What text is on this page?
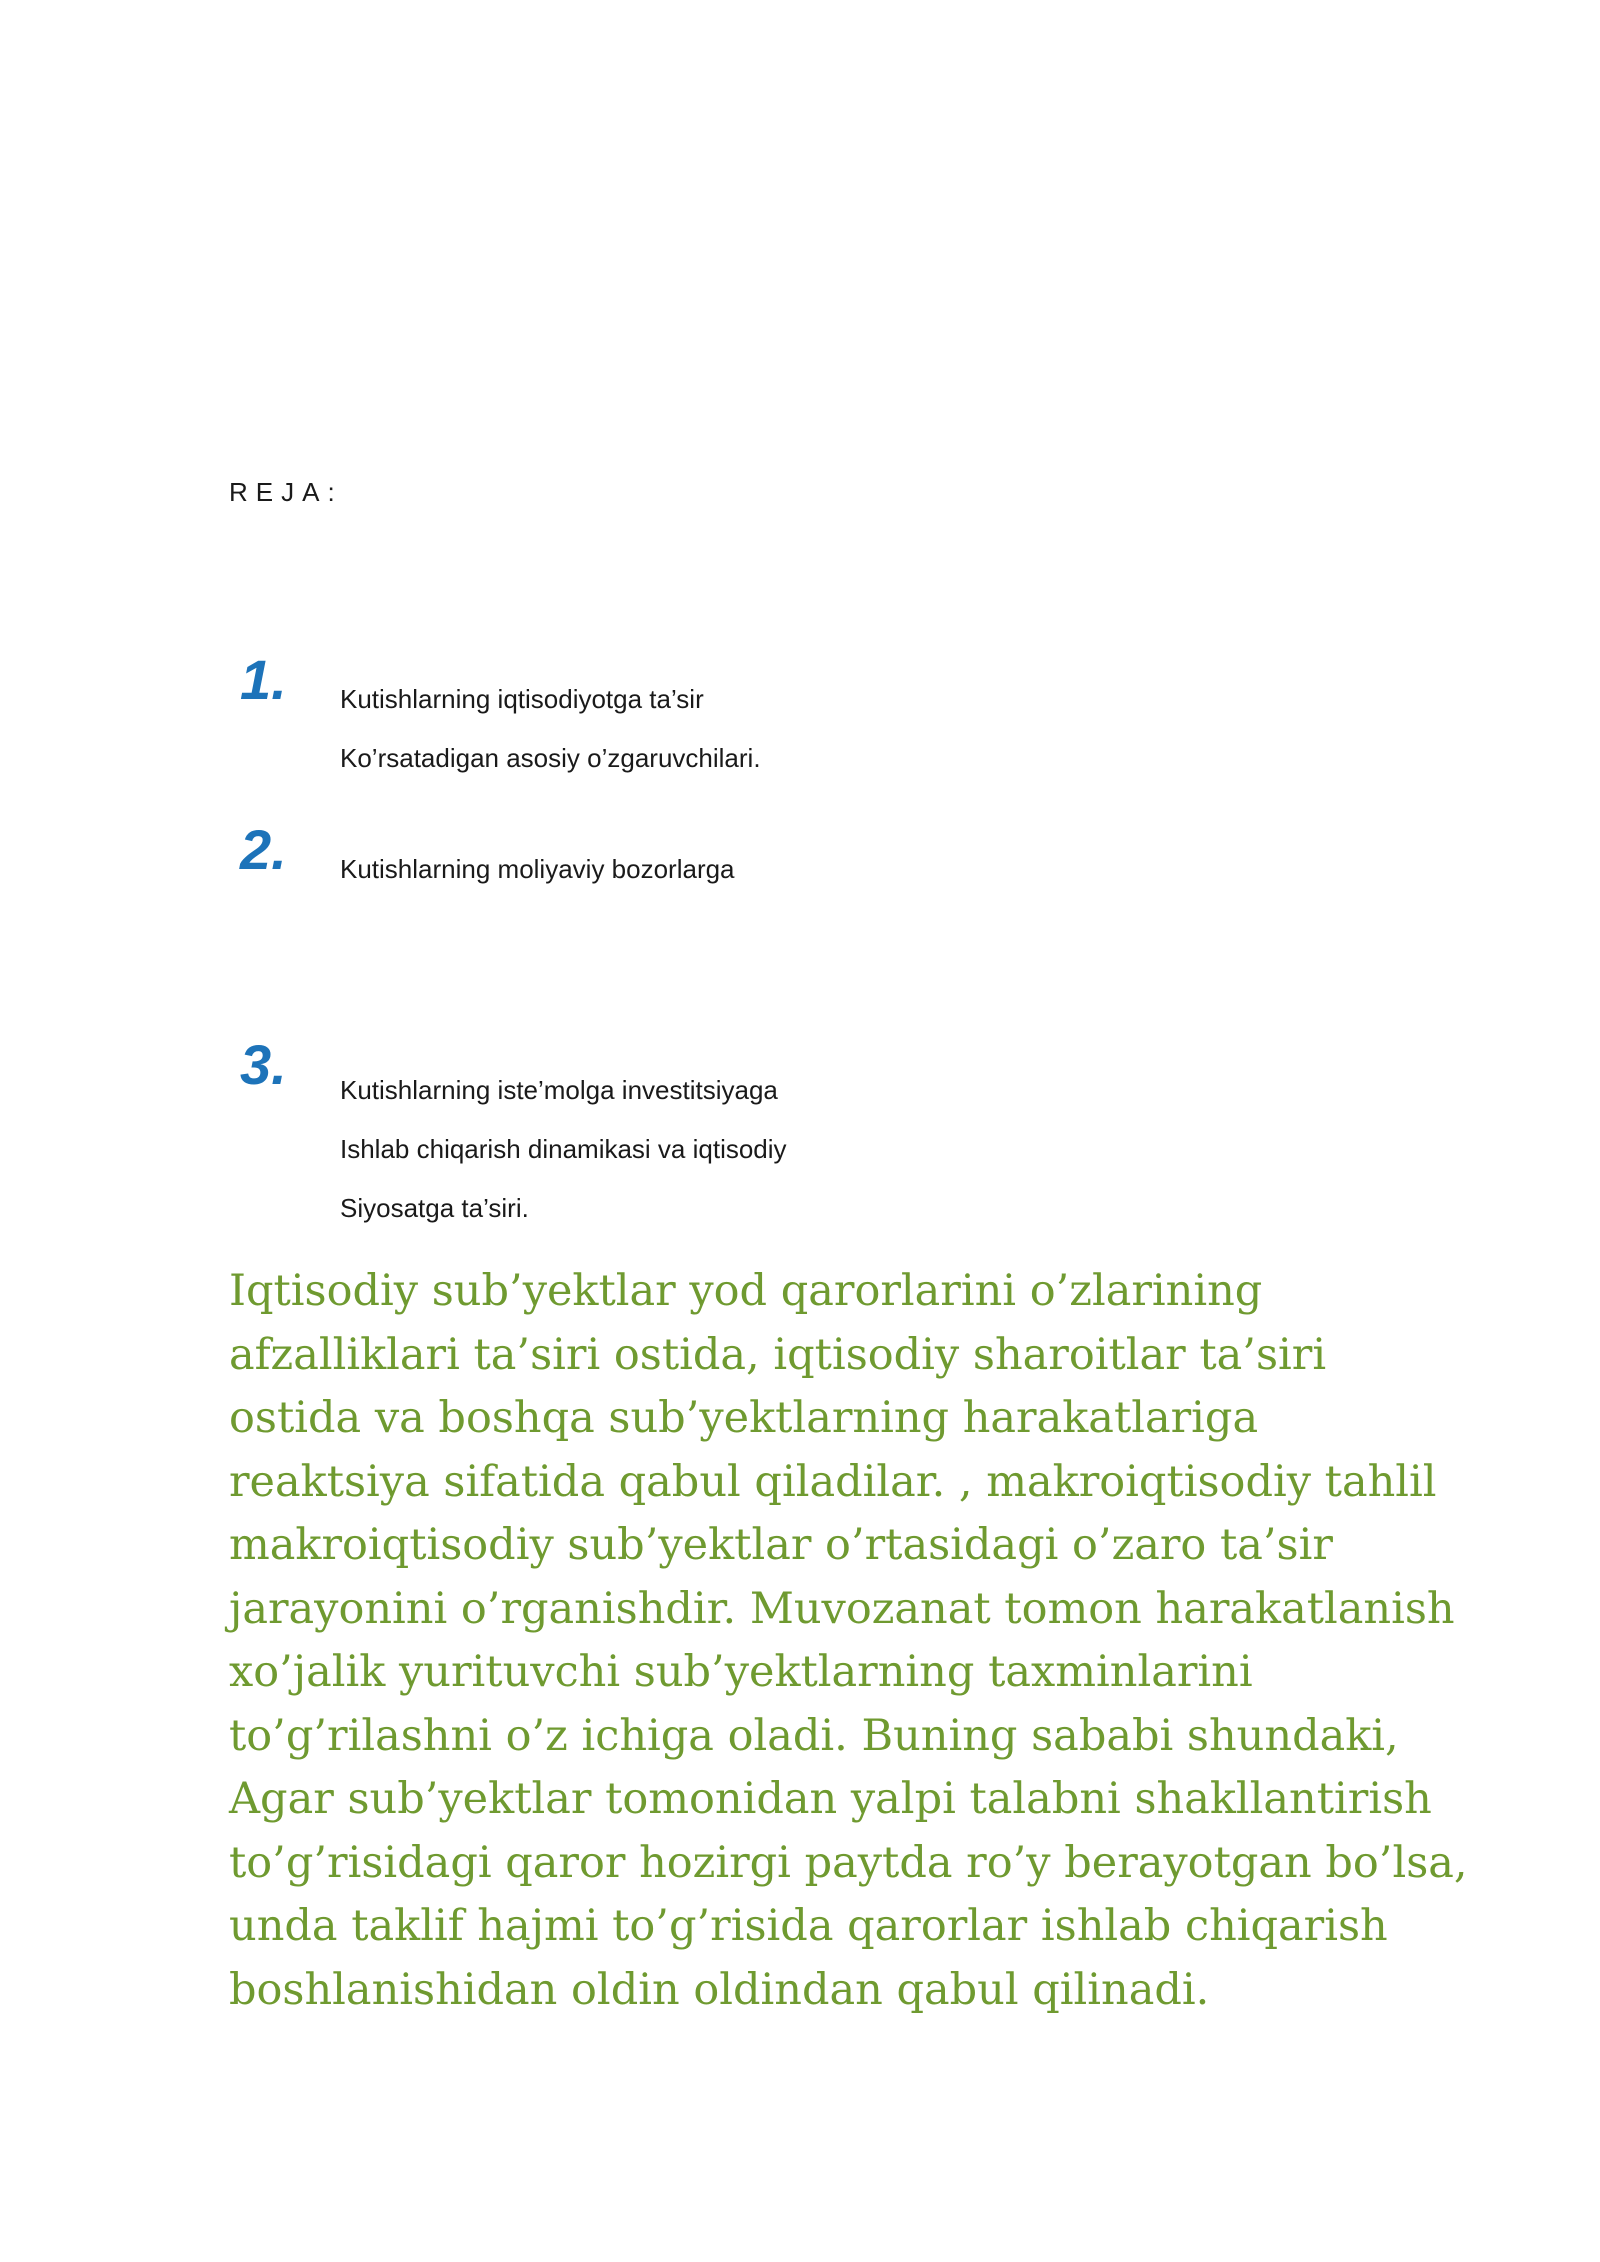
REJA:
1. Kutishlarning iqtisodiyotga ta’sir
Ko’rsatadigan asosiy o’zgaruvchilari.
2. Kutishlarning moliyaviy bozorlarga
3. Kutishlarning iste’molga investitsiyaga
Ishlab chiqarish dinamikasi va iqtisodiy
Siyosatga ta’siri.

Iqtisodiy sub’yektlar yod qarorlarini o’zlarining afzalliklari ta’siri ostida, iqtisodiy sharoitlar ta’siri ostida va boshqa sub’yektlarning harakatlariga reaktsiya sifatida qabul qiladilar. , makroiqtisodiy tahlil makroiqtisodiy sub’yektlar o’rtasidagi o’zaro ta’sir jarayonini o’rganishdir. Muvozanat tomon harakatlanish xo’jalik yurituvchi sub’yektlarning taxminlarini to’g’rilashni o’z ichiga oladi. Buning sababi shundaki, Agar sub’yektlar tomonidan yalpi talabni shakllantirish to’g’risidagi qaror hozirgi paytda ro’y berayotgan bo’lsa, unda taklif hajmi to’g’risida qarorlar ishlab chiqarish boshlanishidan oldin oldindan qabul qilinadi.
